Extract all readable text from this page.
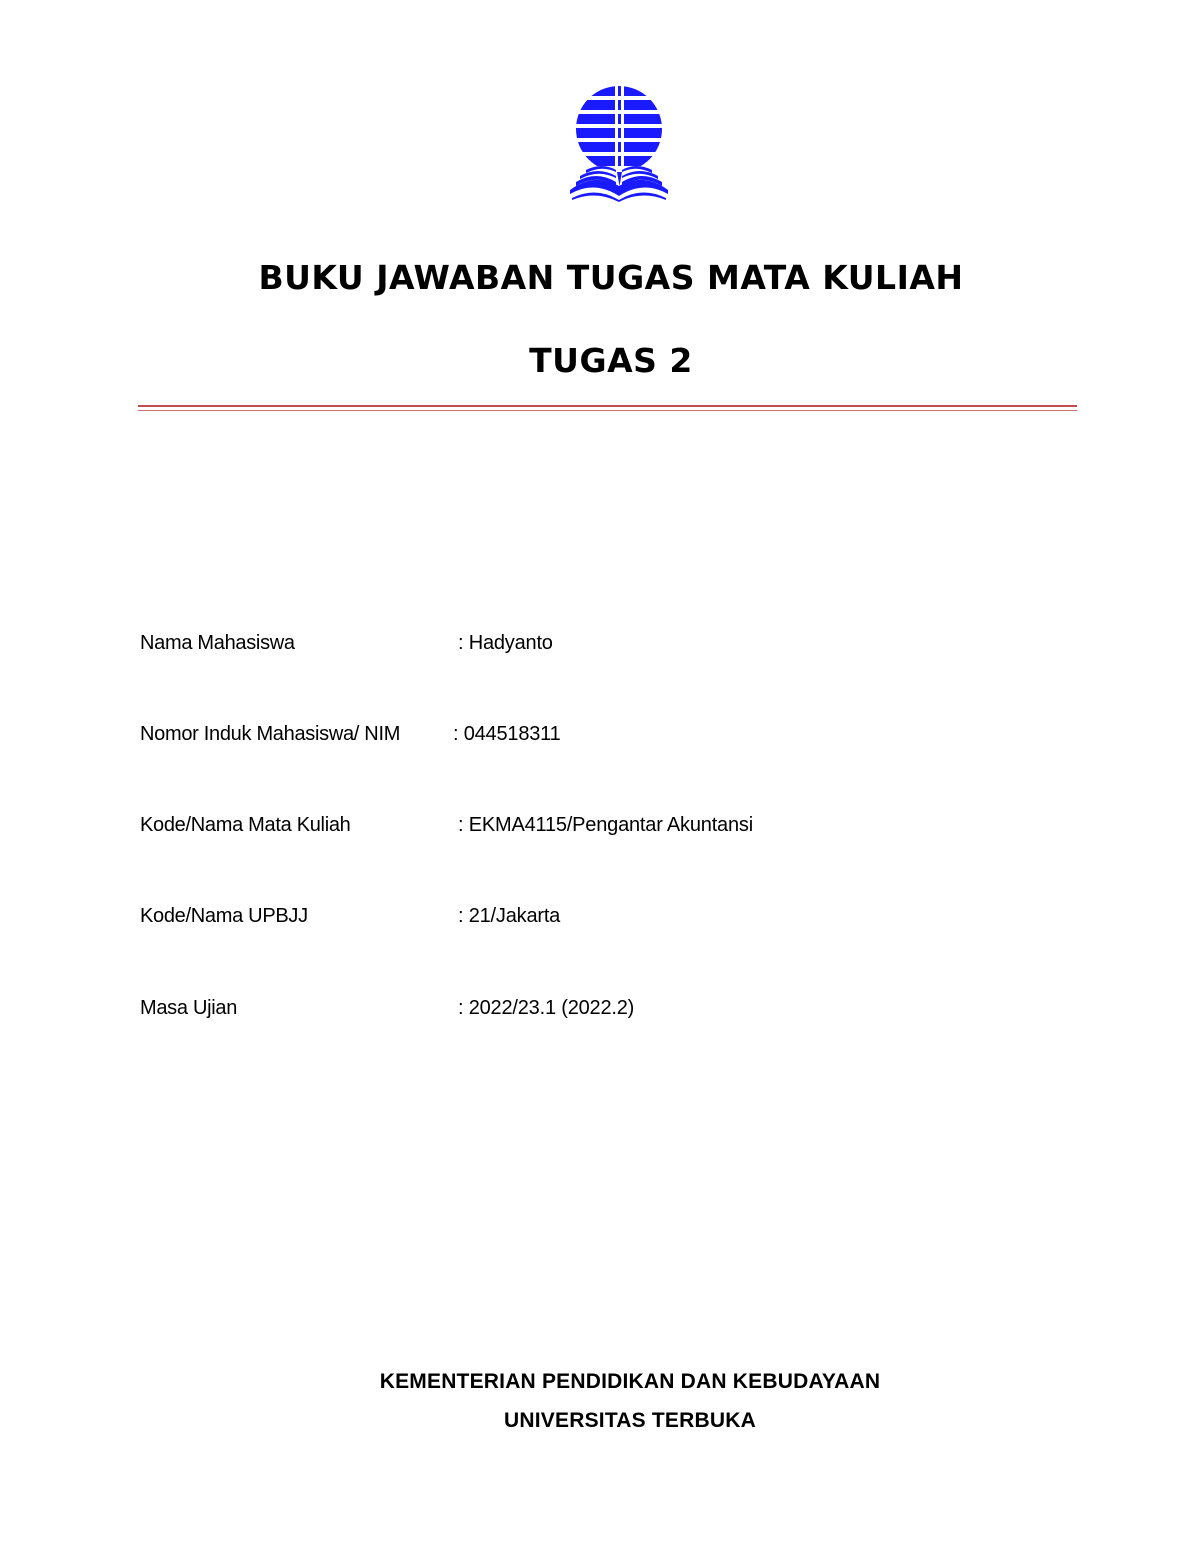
BUKU JAWABAN TUGAS MATA KULIAH
TUGAS 2
Nama Mahasiswa	: Hadyanto
Nomor Induk Mahasiswa/ NIM	: 044518311
Kode/Nama Mata Kuliah	: EKMA4115/Pengantar Akuntansi
Kode/Nama UPBJJ	: 21/Jakarta
Masa Ujian	: 2022/23.1 (2022.2)
KEMENTERIAN PENDIDIKAN DAN KEBUDAYAAN
UNIVERSITAS TERBUKA
